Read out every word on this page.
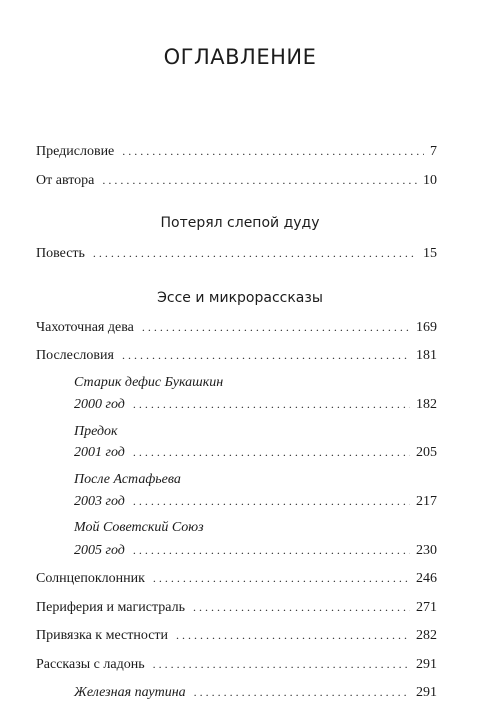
ОГЛАВЛЕНИЕ
Предисловие . . .	7
От автора . . .	10
Потерял слепой дуду
Повесть . . .	15
Эссе и микрорассказы
Чахоточная дева . . .	169
Послесловия . . .	181
Старик дефис Букашкин
2000 год . . .	182
Предок
2001 год . . .	205
После Астафьева
2003 год . . .	217
Мой Советский Союз
2005 год . . .	230
Солнцепоклонник . . .	246
Периферия и магистраль . . .	271
Привязка к местности . . .	282
Рассказы с ладонь . . .	291
Железная паутина . . .	291
